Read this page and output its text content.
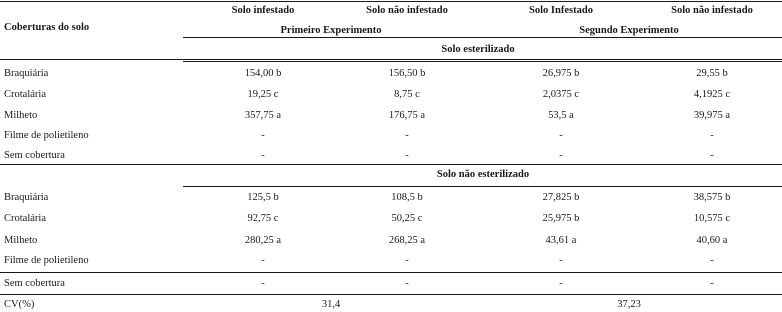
Coberturas do solo
Solo infestado	Solo não infestado	Solo Infestado	Solo não infestado
Primeiro Experimento	Segundo Experimento
Solo esterilizado
Braquiária	154,00 b	156,50 b	26,975 b	29,55 b
Crotalária	19,25 c	8,75 c	2,0375 c	4,1925 c
Milheto	357,75 a	176,75 a	53,5 a	39,975 a
Filme de polietileno	-	-	-	-
Sem cobertura	-	-	-	-
Solo não esterilizado
Braquiária	125,5 b	108,5 b	27,825 b	38,575 b
Crotalária	92,75 c	50,25 c	25,975 b	10,575 c
Milheto	280,25 a	268,25 a	43,61 a	40,60 a
Filme de polietileno	-	-	-	-
Sem cobertura	-	-	-	-
CV(%)	31,4	37,23
